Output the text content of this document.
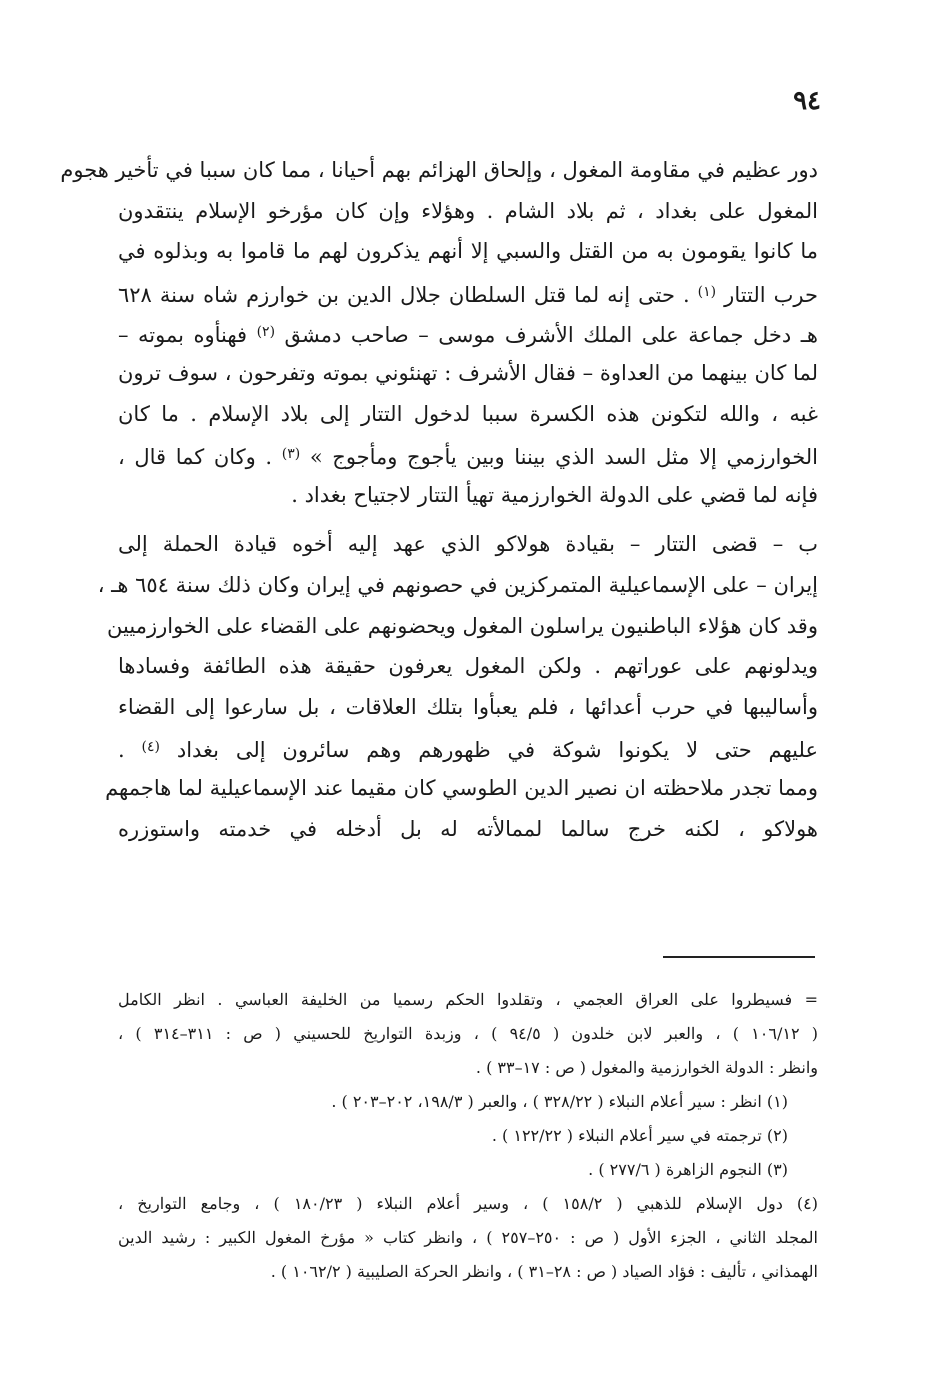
٩٤

دور عظيم في مقاومة المغول ، وإلحاق الهزائم بهم أحيانا ، مما كان سببا في تأخير هجوم
المغول على بغداد ، ثم بلاد الشام . وهؤلاء وإن كان مؤرخو الإسلام ينتقدون
ما كانوا يقومون به من القتل والسبي إلا أنهم يذكرون لهم ما قاموا به وبذلوه في
حرب التتار $^{(١)}$ . حتى إنه لما قتل السلطان جلال الدين بن خوارزم شاه سنة ٦٢٨
هـ دخل جماعة على الملك الأشرف موسى – صاحب دمشق $^{(٢)}$ فهنأوه بموته –
لما كان بينهما من العداوة – فقال الأشرف : تهنئوني بموته وتفرحون ، سوف ترون
غبه ، والله لتكونن هذه الكسرة سببا لدخول التتار إلى بلاد الإسلام . ما كان
الخوارزمي إلا مثل السد الذي بيننا وبين يأجوج ومأجوج » $^{(٣)}$ . وكان كما قال ،
فإنه لما قضي على الدولة الخوارزمية تهيأ التتار لاجتياح بغداد .
ب – قضى التتار – بقيادة هولاكو الذي عهد إليه أخوه قيادة الحملة إلى
إيران – على الإسماعيلية المتمركزين في حصونهم في إيران وكان ذلك سنة ٦٥٤ هـ ،
وقد كان هؤلاء الباطنيون يراسلون المغول ويحضونهم على القضاء على الخوارزميين
ويدلونهم على عوراتهم . ولكن المغول يعرفون حقيقة هذه الطائفة وفسادها
وأساليبها في حرب أعدائها ، فلم يعبأوا بتلك العلاقات ، بل سارعوا إلى القضاء
عليهم حتى لا يكونوا شوكة في ظهورهم وهم سائرون إلى بغداد $^{(٤)}$ .
ومما تجدر ملاحظته ان نصير الدين الطوسي كان مقيما عند الإسماعيلية لما هاجمهم
هولاكو ، لكنه خرج سالما لممالأته له بل أدخله في خدمته واستوزره
= فسيطروا على العراق العجمي ، وتقلدوا الحكم رسميا من الخليفة العباسي . انظر الكامل
( ١٠٦/١٢ ) ، والعبر لابن خلدون ( ٩٤/٥ ) ، وزبدة التواريخ للحسيني ( ص : ٣١١–٣١٤ ) ،
وانظر : الدولة الخوارزمية والمغول ( ص : ١٧–٣٣ ) .
(١) انظر : سير أعلام النبلاء ( ٣٢٨/٢٢ ) ، والعبر ( ١٩٨/٣، ٢٠٢–٢٠٣ ) .
(٢) ترجمته في سير أعلام النبلاء ( ١٢٢/٢٢ ) .
(٣) النجوم الزاهرة ( ٢٧٧/٦ ) .
(٤) دول الإسلام للذهبي ( ١٥٨/٢ ) ، وسير أعلام النبلاء ( ١٨٠/٢٣ ) ، وجامع التواريخ ،
المجلد الثاني ، الجزء الأول ( ص : ٢٥٠–٢٥٧ ) ، وانظر كتاب « مؤرخ المغول الكبير : رشيد الدين
الهمذاني ، تأليف : فؤاد الصياد ( ص : ٢٨–٣١ ) ، وانظر الحركة الصليبية ( ١٠٦٢/٢ ) .
